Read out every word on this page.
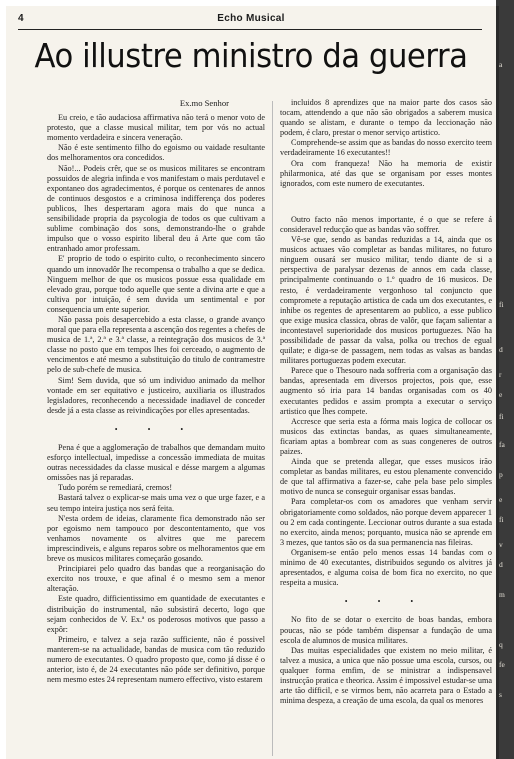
4	Echo Musical
Ao illustre ministro da guerra

Ex.mo Senhor

Eu creio, e tão audaciosa affirmativa não terá o menor voto de protesto, que a classe musical militar, tem por vós no actual momento verdadeira e sincera veneração.

Não é este sentimento filho do egoismo ou vaidade resultante dos melhoramentos ora concedidos.

Não!... Podeis crêr, que se os musicos militares se encontram possuidos de alegria infinda e vos manifestam o mais perdutavel e expontaneo dos agradecimentos, é porque os centenares de annos de continuos desgostos e a criminosa indifferença dos poderes publicos, lhes despertaram agora mais do que nunca a sensibilidade propria da psycologia de todos os que cultivam a sublime combinação dos sons, demonstrando-lhe o grahde impulso que o vosso espirito liberal deu á Arte que com tão entranhado amor professam.

E' proprio de todo o espirito culto, o reconhecimento sincero quando um innovadôr lhe recompensa o trabalho a que se dedica. Ninguem melhor de que os musicos possue essa qualidade em elevado grau, porque todo aquelle que sente a divina arte e que a cultiva por intuição, é sem duvida um sentimental e por consequencia um ente superior.

Não passa pois desapercebido a esta classe, o grande avanço moral que para ella representa a ascenção dos regentes a chefes de musica de 1.ª, 2.ª e 3.ª classe, a reintegração dos musicos de 3.ª classe no posto que em tempos lhes foi cerceado, o augmento de vencimentos e até mesmo a substituição do titulo de contramestre pelo de sub-chefe de musica.

Sim! Sem duvida, que só um individuo animado da melhor vontade em ser equitativo e justiceiro, auxiliaria os illustrados legisladores, reconhecendo a necessidade inadiavel de conceder desde já a esta classe as reivindicações por elles apresentadas.

• • •

Pena é que a agglomeração de trabalhos que demandam muito esforço intellectual, impedisse a concessão immediata de muitas outras necessidades da classe musical e désse margem a algumas omissões nas já reparadas.

Tudo porém se remediará, cremos!

Bastará talvez o explicar-se mais uma vez o que urge fazer, e a seu tempo inteira justiça nos será feita.

N'esta ordem de ideias, claramente fica demonstrado não ser por egoismo nem tampouco por descontentamento, que vos venhamos novamente os alvitres que me parecem imprescindiveis, e alguns reparos sobre os melhoramentos que em breve os musicos militares começarão gosando.

Principiarei pelo quadro das bandas que a reorganisação do exercito nos trouxe, e que afinal é o mesmo sem a menor alteração.

Este quadro, difficientissimo em quantidade de executantes e distribuição do instrumental, não subsistirá decerto, logo que sejam conhecidos de V. Ex.ª os poderosos motivos que passo a expôr:

Primeiro, e talvez a seja razão sufficiente, não é possivel manterem-se na actualidade, bandas de musica com tão reduzido numero de executantes. O quadro proposto que, como já disse é o anterior, isto é, de 24 executantes não póde ser definitivo, porque nem mesmo estes 24 representam numero effectivo, visto estarem

incluidos 8 aprendizes que na maior parte dos casos são tocam, attendendo a que não são obrigados a saberem musica quando se alistam, e durante o tempo da leccionação não podem, é claro, prestar o menor serviço artistico.

Comprehende-se assim que as bandas do nosso exercito teem verdadeiramente 16 executantes!!

Ora com franqueza! Não ha memoria de existir philarmonica, até das que se organisam por esses montes ignorados, com este numero de executantes.

Outro facto não menos importante, é o que se refere á consideravel reducção que as bandas vão soffrer.

Vê-se que, sendo as bandas reduzidas a 14, ainda que os musicos actuaes vão completar as bandas militares, no futuro ninguem ousará ser musico militar, tendo diante de si a perspectiva de paralysar dezenas de annos em cada classe, principalmente continuando o 1.º quadro de 16 musicos. De resto, é verdadeiramente vergonhoso tal conjuncto que compromete a reputação artistica de cada um dos executantes, e inhibe os regentes de apresentarem ao publico, a esse publico que exige musica classica, obras de valôr, que façam salientar a incontestavel superioridade dos musicos portuguezes. Não ha possibilidade de passar da valsa, polka ou trechos de egual quilate; e diga-se de passagem, nem todas as valsas as bandas militares portuguezas podem executar.

Parece que o Thesouro nada soffreria com a organisação das bandas, apresentada em diversos projectos, pois que, esse augmento só iria para 14 bandas organisadas com os 40 executantes pedidos e assim prompta a executar o serviço artistico que lhes compete.

Accresce que seria esta a fórma mais logica de collocar os musicos das extinctas bandas, as quaes simultaneamente, ficariam aptas a bombrear com as suas congeneres de outros paizes.

Ainda que se pretenda allegar, que esses musicos irão completar as bandas militares, eu estou plenamente convencido de que tal affirmativa a fazer-se, cahe pela base pelo simples motivo de nunca se conseguir organisar essas bandas.

Para completar-os com os amadores que venham servir obrigatoriamente como soldados, não porque devem apparecer 1 ou 2 em cada contingente. Leccionar outros durante a sua estada no exercito, ainda menos; porquanto, musica não se aprende em 3 mezes, que tantos são os da sua permanencia nas fileiras.

Organisem-se então pelo menos essas 14 bandas com o minimo de 40 executantes, distribuidos segundo os alvitres já apresentados, e alguma coisa de bom fica no exercito, no que respeita a musica.

• • •

No fito de se dotar o exercito de boas bandas, embora poucas, não se póde também dispensar a fundação de uma escola de alumnos de musica militares.

Das muitas especialidades que existem no meio militar, é talvez a musica, a unica que não possue uma escola, cursos, ou qualquer forma emfim, de se ministrar a indispensavel instrucção pratica e theorica. Assim é impossivel estudar-se uma arte tão difficil, e se virmos bem, não acarreta para o Estado a minima despeza, a creação de uma escola, da qual os menores

a
fi
d
r
e
fi
fa
p
e
fi
v
d
m
q
fe
s
